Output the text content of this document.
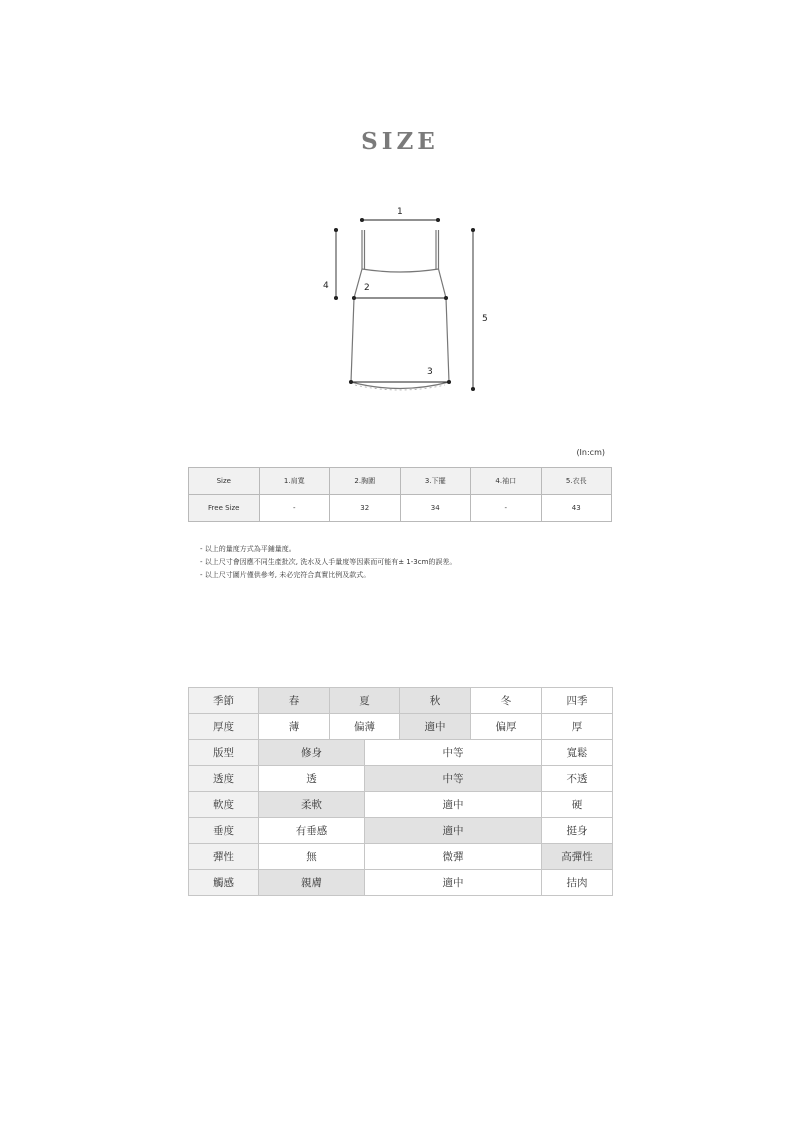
SIZE
1
2
3
4
5
(In:cm)
Size	1.肩寬	2.胸圍	3.下擺	4.袖口	5.衣長
Free Size	-	32	34	-	43
- 以上的量度方式為平鋪量度。
- 以上尺寸會因應不同生產批次, 洗水及人手量度等因素而可能有± 1-3cm的誤差。
- 以上尺寸圖片僅供參考, 未必完符合真實比例及款式。
季節	春	夏		秋	冬	四季
厚度	薄	偏薄		適中	偏厚	厚
版型	修身		中等			寬鬆
透度	透		中等			不透
軟度	柔軟		適中			硬
垂度	有垂感		適中			挺身
彈性	無		微彈			高彈性
觸感	親膚		適中			拮肉
